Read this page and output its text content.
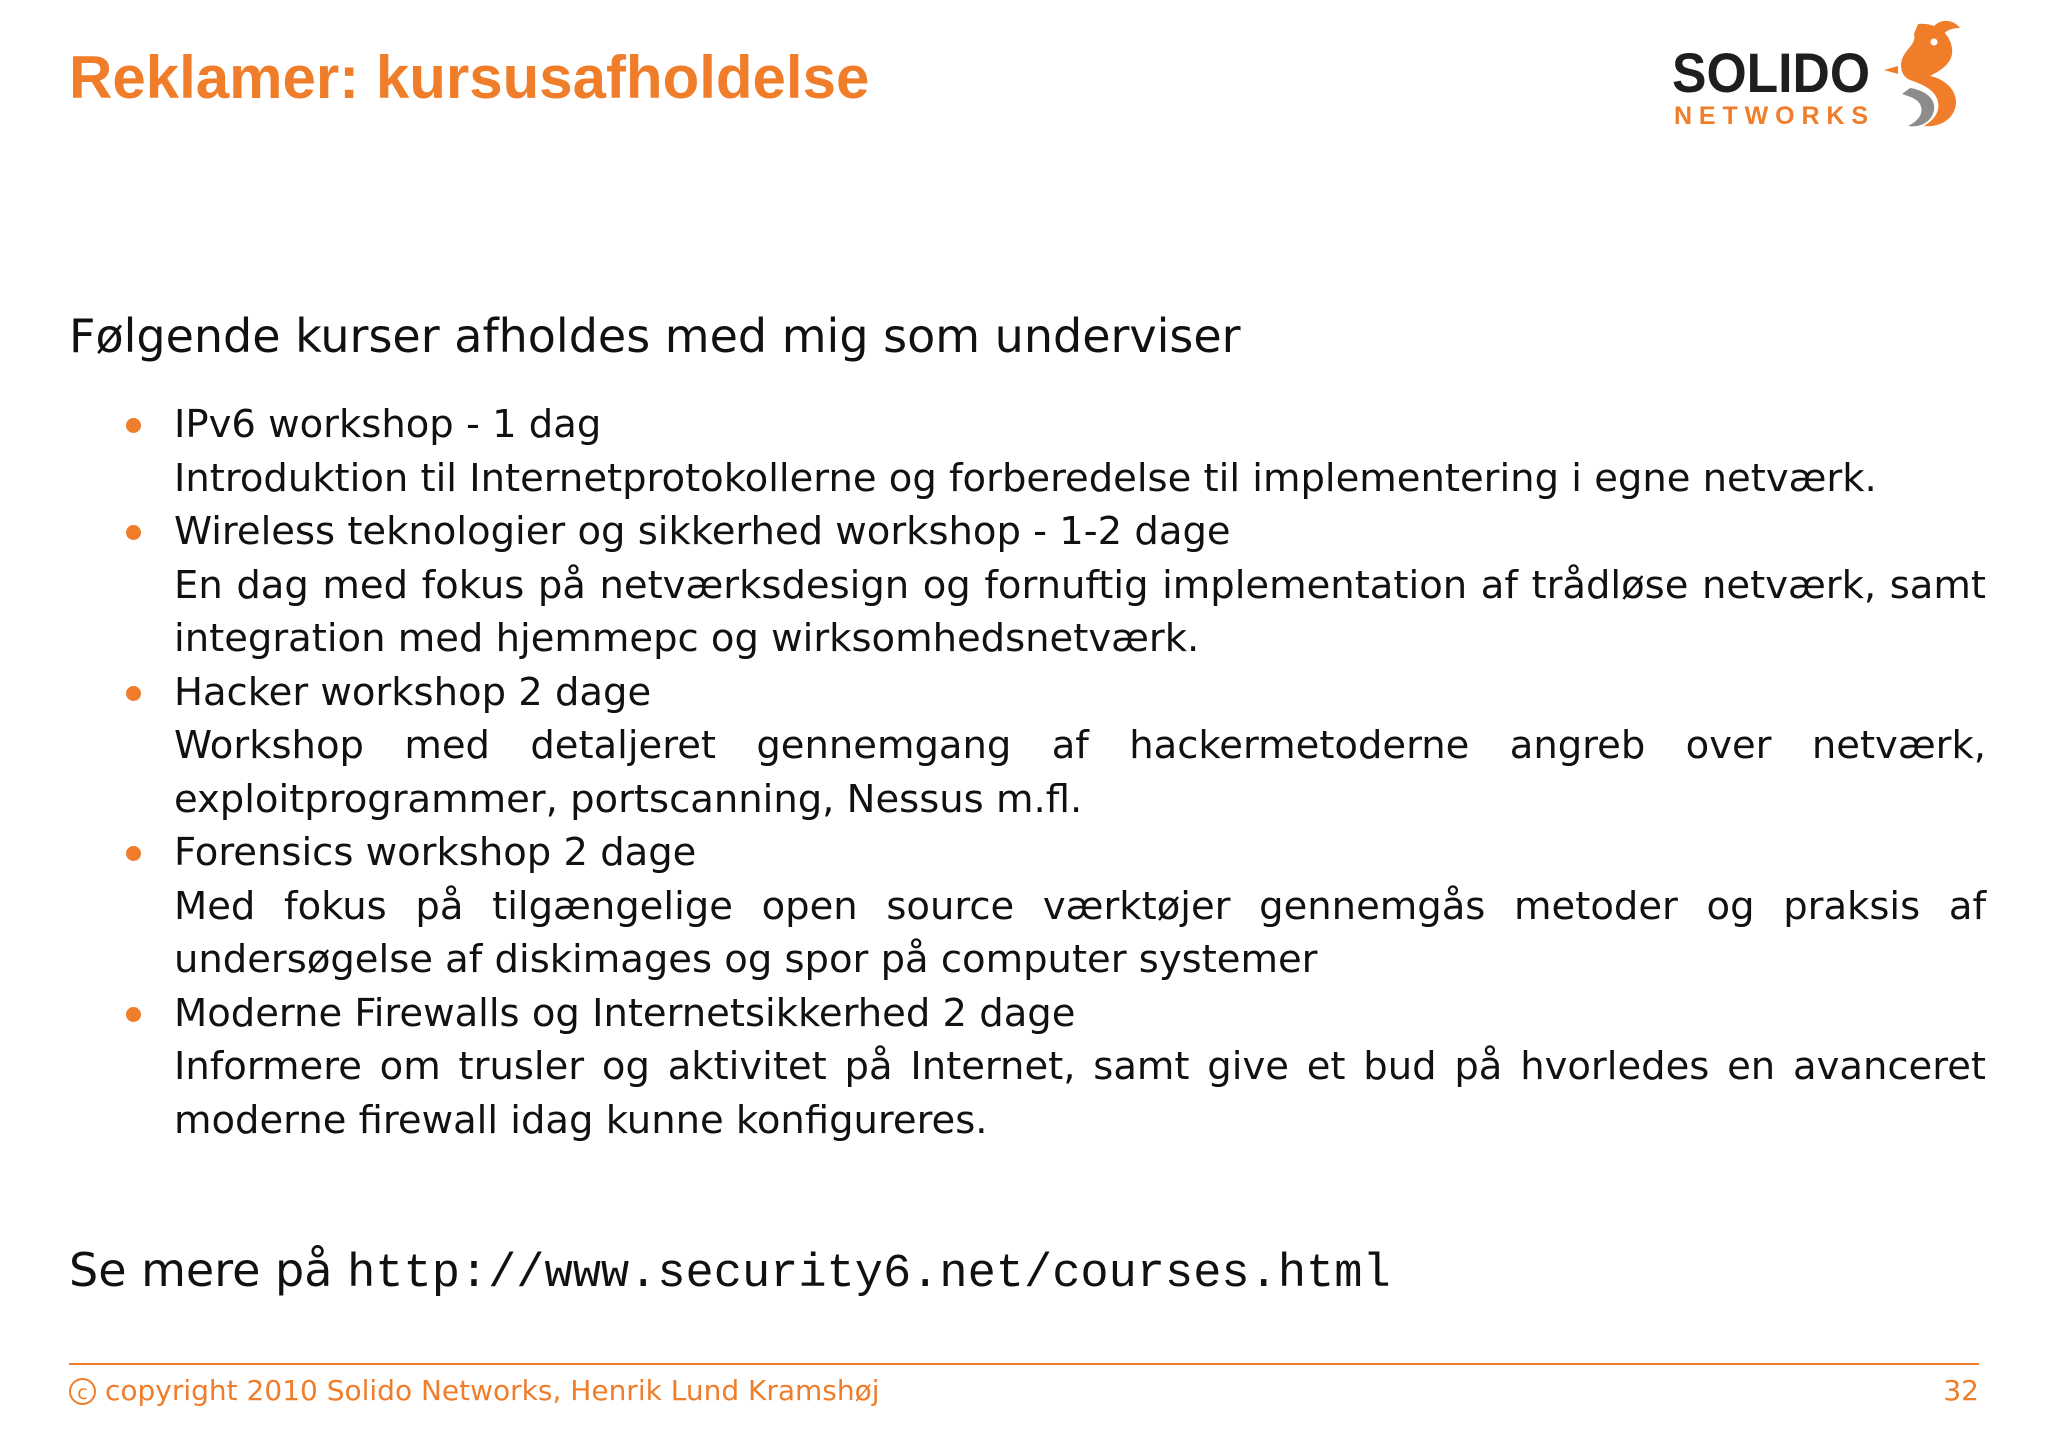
Reklamer: kursusafholdelse	SOLIDO
NETWORKS

Følgende kurser afholdes med mig som underviser

IPv6 workshop - 1 dag
Introduktion til Internetprotokollerne og forberedelse til implementering i egne netværk.
Wireless teknologier og sikkerhed workshop - 1-2 dage
En dag med fokus på netværksdesign og fornuftig implementation af trådløse netværk, samt integration med hjemmepc og wirksomhedsnetværk.
Hacker workshop 2 dage
Workshop med detaljeret gennemgang af hackermetoderne angreb over netværk, exploitprogrammer, portscanning, Nessus m.fl.
Forensics workshop 2 dage
Med fokus på tilgængelige open source værktøjer gennemgås metoder og praksis af undersøgelse af diskimages og spor på computer systemer
Moderne Firewalls og Internetsikkerhed 2 dage
Informere om trusler og aktivitet på Internet, samt give et bud på hvorledes en avanceret moderne firewall idag kunne konfigureres.

Se mere på http://www.security6.net/courses.html

c copyright 2010 Solido Networks, Henrik Lund Kramshøj	32
